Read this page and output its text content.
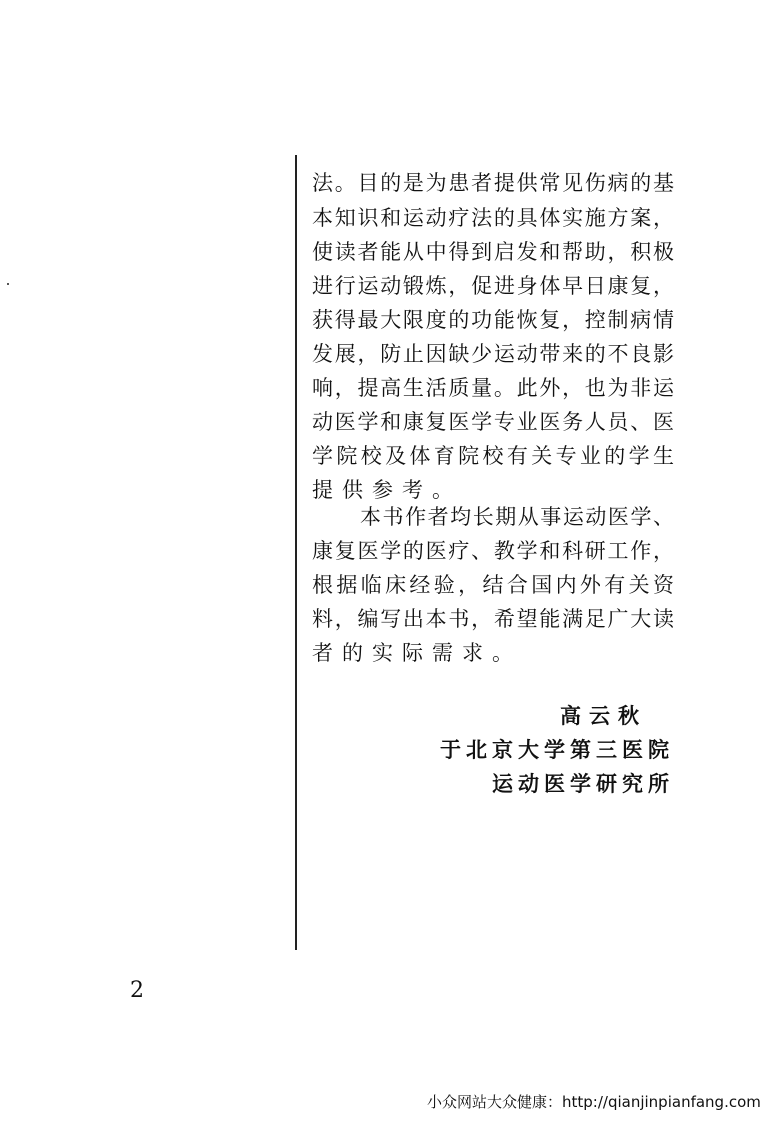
法。目的是为患者提供常见伤病的基
本知识和运动疗法的具体实施方案，
使读者能从中得到启发和帮助，积极
进行运动锻炼，促进身体早日康复，
获得最大限度的功能恢复，控制病情
发展，防止因缺少运动带来的不良影
响，提高生活质量。此外，也为非运
动医学和康复医学专业医务人员、医
学院校及体育院校有关专业的学生
提供参考。
本书作者均长期从事运动医学、
康复医学的医疗、教学和科研工作，
根据临床经验，结合国内外有关资
料，编写出本书，希望能满足广大读
者的实际需求。
高云秋
于北京大学第三医院
运动医学研究所
2
小众网站大众健康：http://qianjinpianfang.com
